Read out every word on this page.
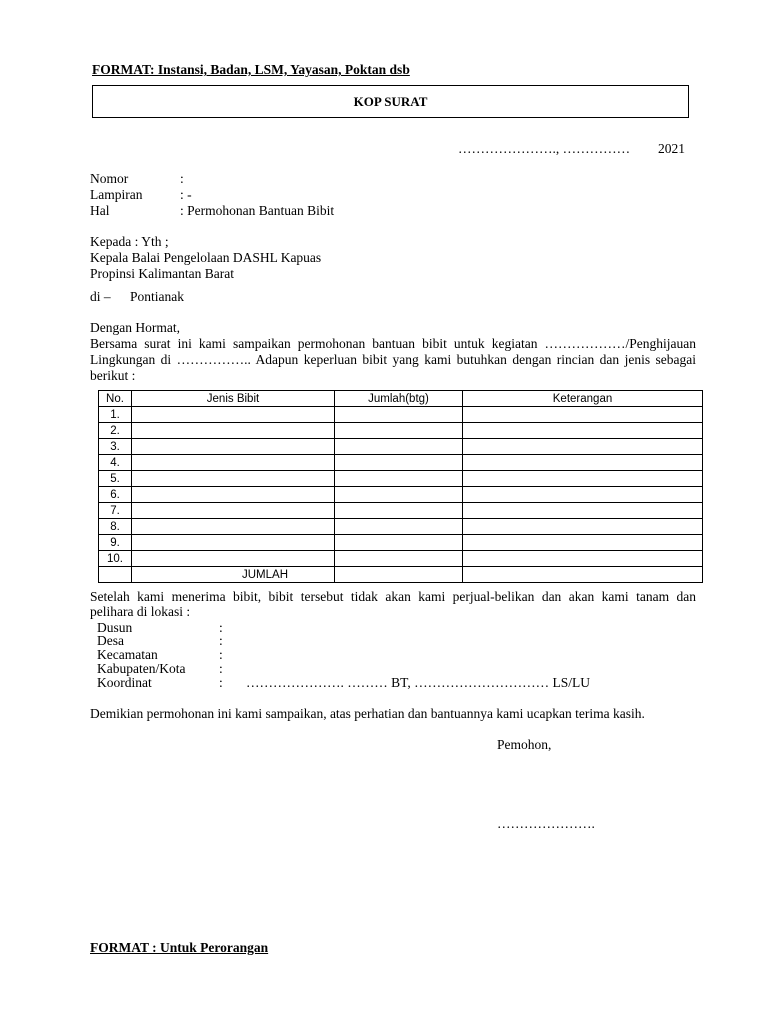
FORMAT: Instansi, Badan, LSM, Yayasan, Poktan dsb
KOP SURAT
…………………., …………… 2021
Nomor	:
Lampiran	: -
Hal	: Permohonan Bantuan Bibit
Kepada : Yth ;
Kepala Balai Pengelolaan DASHL Kapuas
Propinsi Kalimantan Barat
di – Pontianak
Dengan Hormat,
Bersama surat ini kami sampaikan permohonan bantuan bibit untuk kegiatan ………………/Penghijauan
Lingkungan di …………….. Adapun keperluan bibit yang kami butuhkan dengan rincian dan jenis sebagai
berikut :
No.	Jenis Bibit	Jumlah(btg)	Keterangan
1.			
2.			
3.			
4.			
5.			
6.			
7.			
8.			
9.			
10.			
	JUMLAH		
Setelah kami menerima bibit, bibit tersebut tidak akan kami perjual-belikan dan akan kami tanam dan
pelihara di lokasi :
Dusun	:
Desa	:
Kecamatan	:
Kabupaten/Kota :
Koordinat	: …………………. ……… BT, ………………………… LS/LU
Demikian permohonan ini kami sampaikan, atas perhatian dan bantuannya kami ucapkan terima kasih.
Pemohon,
………………….
FORMAT : Untuk Perorangan
